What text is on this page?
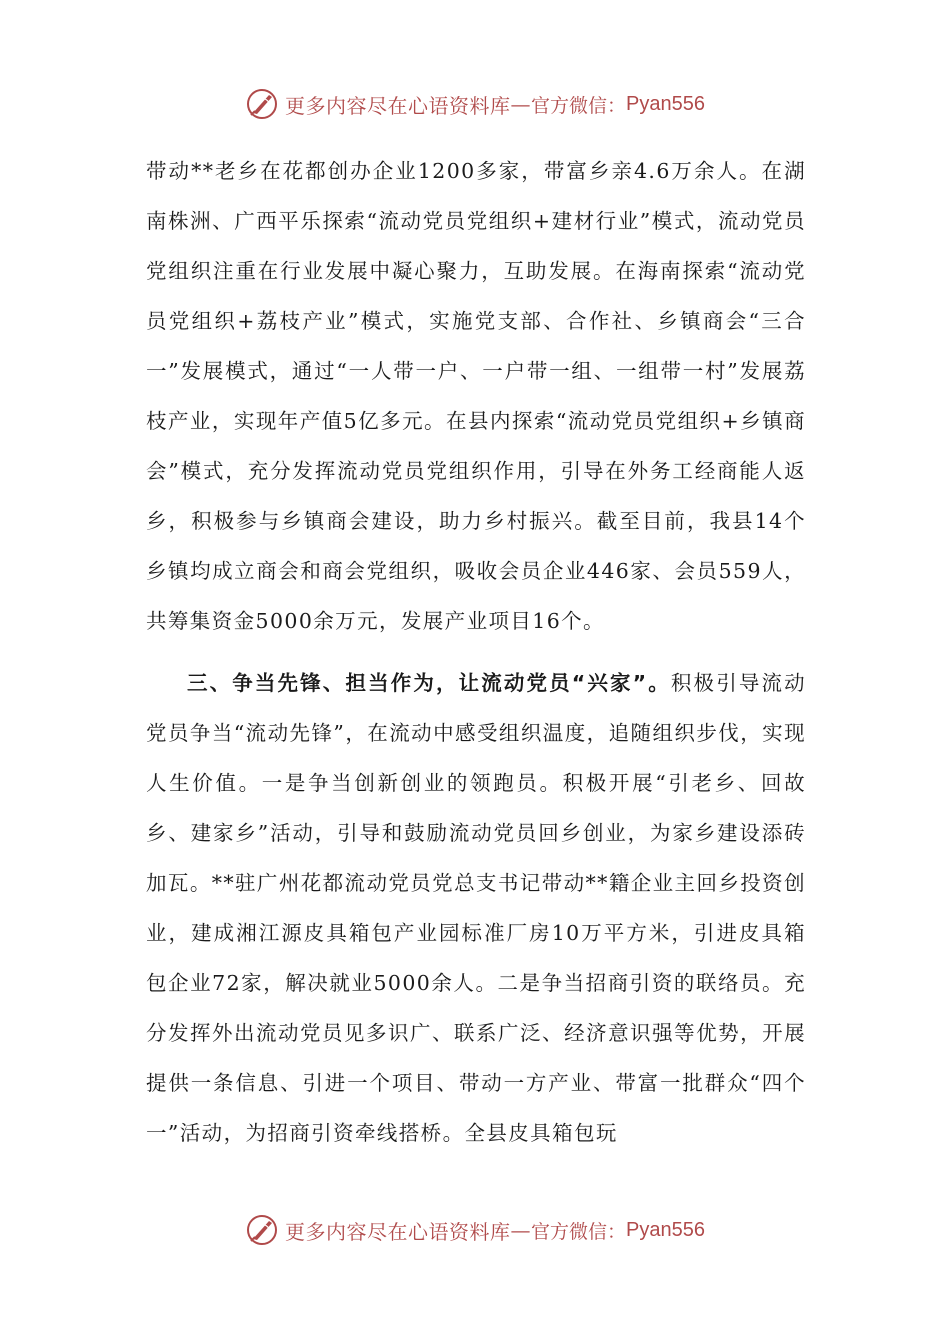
更多内容尽在心语资料库 — 官方微信： Pyan556

带动**老乡在花都创办企业1200多家，带富乡亲4.6万余人。在湖南株洲、广西平乐探索“流动党员党组织+建材行业”模式，流动党员党组织注重在行业发展中凝心聚力，互助发展。在海南探索“流动党员党组织+荔枝产业”模式，实施党支部、合作社、乡镇商会“三合一”发展模式，通过“一人带一户、一户带一组、一组带一村”发展荔枝产业，实现年产值5亿多元。在县内探索“流动党员党组织+乡镇商会”模式，充分发挥流动党员党组织作用，引导在外务工经商能人返乡，积极参与乡镇商会建设，助力乡村振兴。截至目前，我县14个乡镇均成立商会和商会党组织，吸收会员企业446家、会员559人，共筹集资金5000余万元，发展产业项目16个。

三、争当先锋、担当作为，让流动党员“兴家”。积极引导流动党员争当“流动先锋”，在流动中感受组织温度，追随组织步伐，实现人生价值。一是争当创新创业的领跑员。积极开展“引老乡、回故乡、建家乡”活动，引导和鼓励流动党员回乡创业，为家乡建设添砖加瓦。**驻广州花都流动党员党总支书记带动**籍企业主回乡投资创业，建成湘江源皮具箱包产业园标准厂房10万平方米，引进皮具箱包企业72家，解决就业5000余人。二是争当招商引资的联络员。充分发挥外出流动党员见多识广、联系广泛、经济意识强等优势，开展提供一条信息、引进一个项目、带动一方产业、带富一批群众“四个一”活动，为招商引资牵线搭桥。全县皮具箱包玩

更多内容尽在心语资料库 — 官方微信： Pyan556
